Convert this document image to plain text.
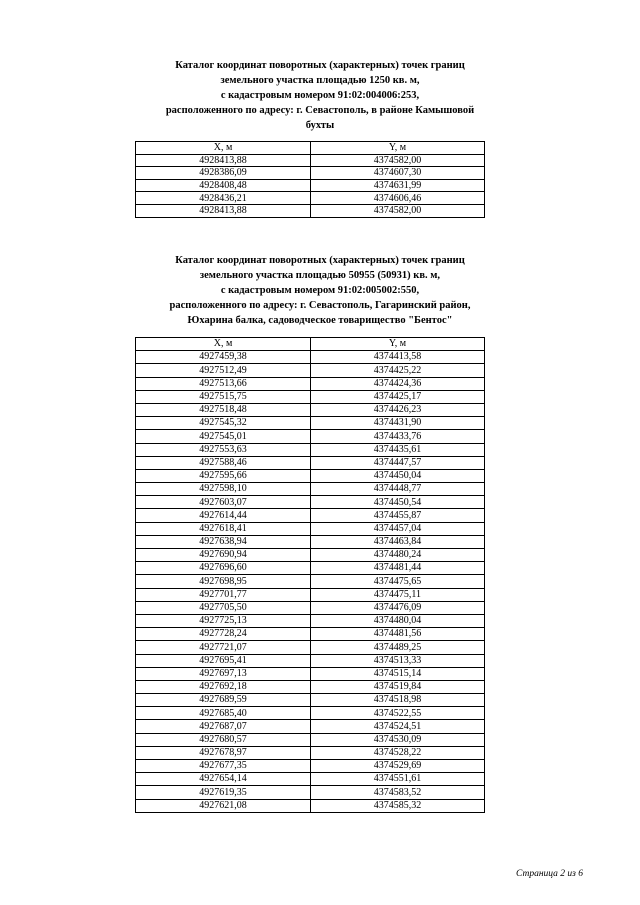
Каталог координат поворотных (характерных) точек границ
земельного участка площадью 1250 кв. м,
с кадастровым номером 91:02:004006:253,
расположенного по адресу: г. Севастополь, в районе Камышовой
бухты
X, м	Y, м
4928413,88	4374582,00
4928386,09	4374607,30
4928408,48	4374631,99
4928436,21	4374606,46
4928413,88	4374582,00
Каталог координат поворотных (характерных) точек границ
земельного участка площадью 50955 (50931) кв. м,
с кадастровым номером 91:02:005002:550,
расположенного по адресу: г. Севастополь, Гагаринский район,
Юхарина балка, садоводческое товарищество "Бентос"
X, м	Y, м
4927459,38	4374413,58
4927512,49	4374425,22
4927513,66	4374424,36
4927515,75	4374425,17
4927518,48	4374426,23
4927545,32	4374431,90
4927545,01	4374433,76
4927553,63	4374435,61
4927588,46	4374447,57
4927595,66	4374450,04
4927598,10	4374448,77
4927603,07	4374450,54
4927614,44	4374455,87
4927618,41	4374457,04
4927638,94	4374463,84
4927690,94	4374480,24
4927696,60	4374481,44
4927698,95	4374475,65
4927701,77	4374475,11
4927705,50	4374476,09
4927725,13	4374480,04
4927728,24	4374481,56
4927721,07	4374489,25
4927695,41	4374513,33
4927697,13	4374515,14
4927692,18	4374519,84
4927689,59	4374518,98
4927685,40	4374522,55
4927687,07	4374524,51
4927680,57	4374530,09
4927678,97	4374528,22
4927677,35	4374529,69
4927654,14	4374551,61
4927619,35	4374583,52
4927621,08	4374585,32
Страница 2 из 6
